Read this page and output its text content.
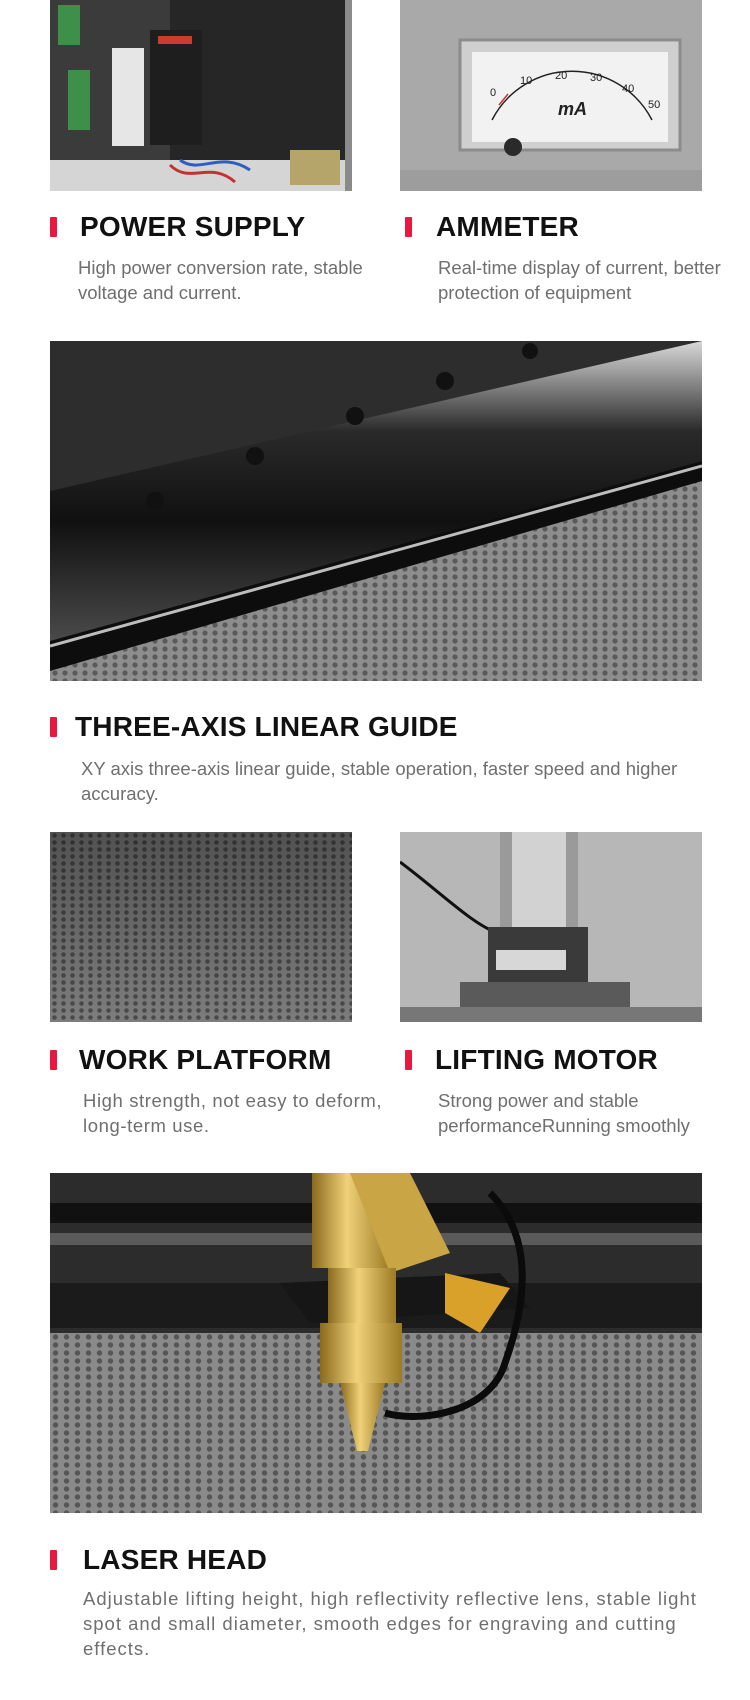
0
10 20 30
40
50
mA
POWER SUPPLY	AMMETER

High power conversion rate, stable voltage and current.

Real-time display of current, better protection of equipment

THREE-AXIS LINEAR GUIDE

XY axis three-axis linear guide, stable operation, faster speed and higher accuracy.

WORK PLATFORM	LIFTING MOTOR

High strength, not easy to deform, long-term use.

Strong power and stable performanceRunning smoothly

LASER HEAD

Adjustable lifting height, high reflectivity reflective lens, stable light spot and small diameter, smooth edges for engraving and cutting effects.
